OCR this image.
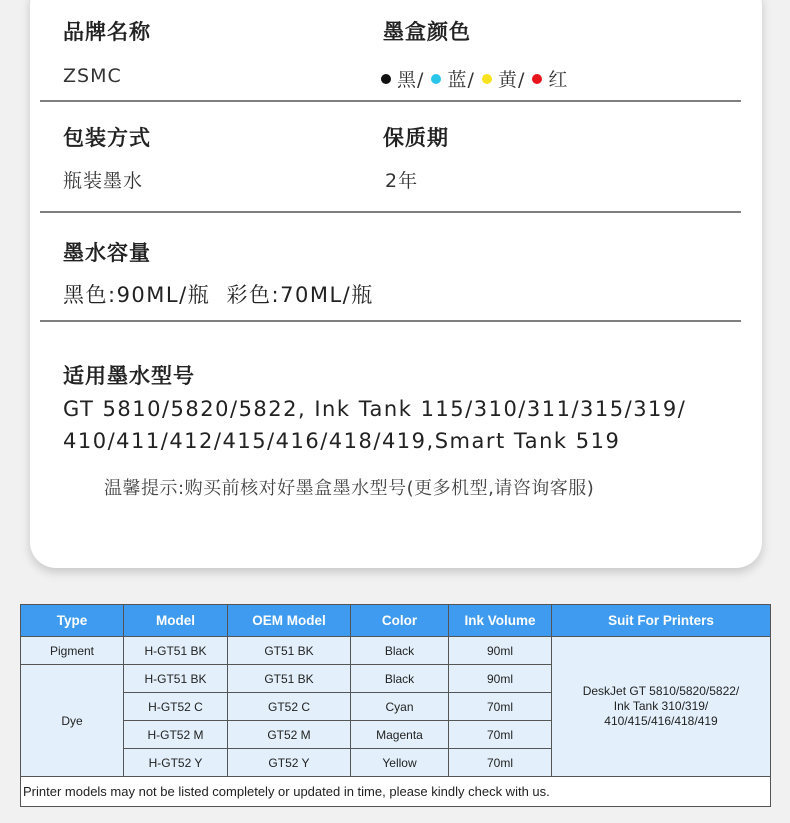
品牌名称	墨盒颜色
ZSMC	黑/ 蓝/ 黄/ 红
包装方式	保质期
瓶装墨水	2年
墨水容量
黑色:90ML/瓶  彩色:70ML/瓶
适用墨水型号
GT 5810/5820/5822, Ink Tank 115/310/311/315/319/
410/411/412/415/416/418/419,Smart Tank 519
温馨提示:购买前核对好墨盒墨水型号(更多机型,请咨询客服)
Type	Model	OEM Model	Color	Ink Volume	Suit For Printers
Pigment	H-GT51 BK	GT51 BK	Black	90ml	DeskJet GT 5810/5820/5822/
Ink Tank 310/319/
410/415/416/418/419

Dye	H-GT51 BK	GT51 BK	Black	90ml	
	H-GT52 C	GT52 C	Cyan	70ml	
	H-GT52 M	GT52 M	Magenta	70ml	
	H-GT52 Y	GT52 Y	Yellow	70ml	
Printer models may not be listed completely or updated in time, please kindly check with us.					
